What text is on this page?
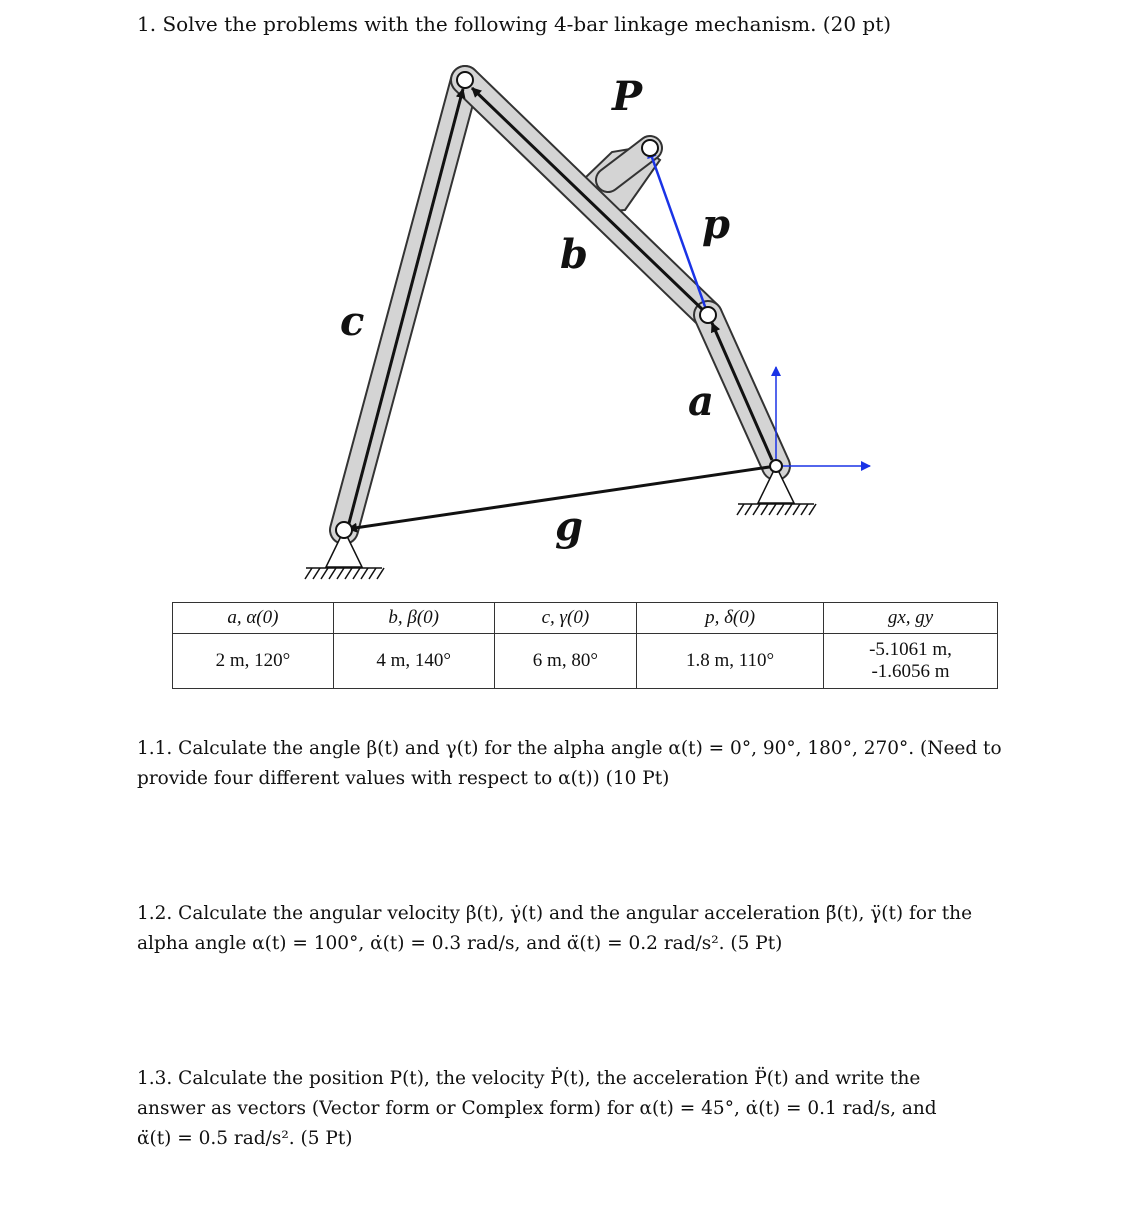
1. Solve the problems with the following 4-bar linkage mechanism. (20 pt)
P
p
b
c
a
g
a, α(0)	b, β(0)	c, γ(0)	p, δ(0)	gx, gy
2 m, 120°	4 m, 140°	6 m, 80°	1.8 m, 110°	-5.1061 m,
-1.6056 m
1.1. Calculate the angle β(t) and γ(t) for the alpha angle α(t) = 0°, 90°, 180°, 270°. (Need to
provide four different values with respect to α(t)) (10 Pt)
1.2. Calculate the angular velocity β̇(t), γ̇(t) and the angular acceleration β̈(t), γ̈(t) for the
alpha angle α(t) = 100°, α̇(t) = 0.3 rad/s, and α̈(t) = 0.2 rad/s². (5 Pt)
1.3. Calculate the position P(t), the velocity Ṗ(t), the acceleration P̈(t) and write the
answer as vectors (Vector form or Complex form) for α(t) = 45°, α̇(t) = 0.1 rad/s, and
α̈(t) = 0.5 rad/s². (5 Pt)
